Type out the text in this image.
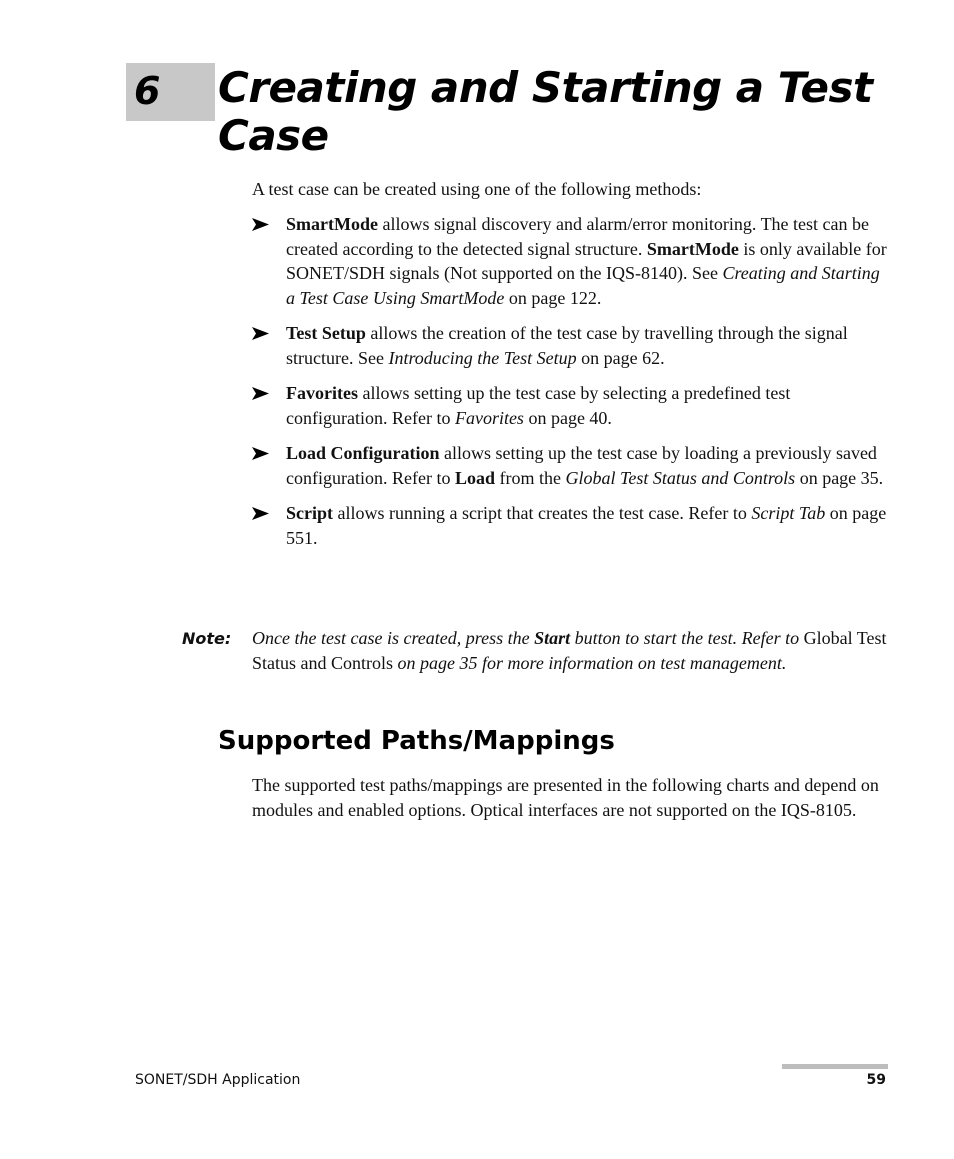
6 Creating and Starting a Test Case
A test case can be created using one of the following methods:
SmartMode allows signal discovery and alarm/error monitoring. The test can be created according to the detected signal structure. SmartMode is only available for SONET/SDH signals (Not supported on the IQS-8140). See Creating and Starting a Test Case Using SmartMode on page 122.
Test Setup allows the creation of the test case by travelling through the signal structure. See Introducing the Test Setup on page 62.
Favorites allows setting up the test case by selecting a predefined test configuration. Refer to Favorites on page 40.
Load Configuration allows setting up the test case by loading a previously saved configuration. Refer to Load from the Global Test Status and Controls on page 35.
Script allows running a script that creates the test case. Refer to Script Tab on page 551.
Note: Once the test case is created, press the Start button to start the test. Refer to Global Test Status and Controls on page 35 for more information on test management.
Supported Paths/Mappings
The supported test paths/mappings are presented in the following charts and depend on modules and enabled options. Optical interfaces are not supported on the IQS-8105.
SONET/SDH Application	59
